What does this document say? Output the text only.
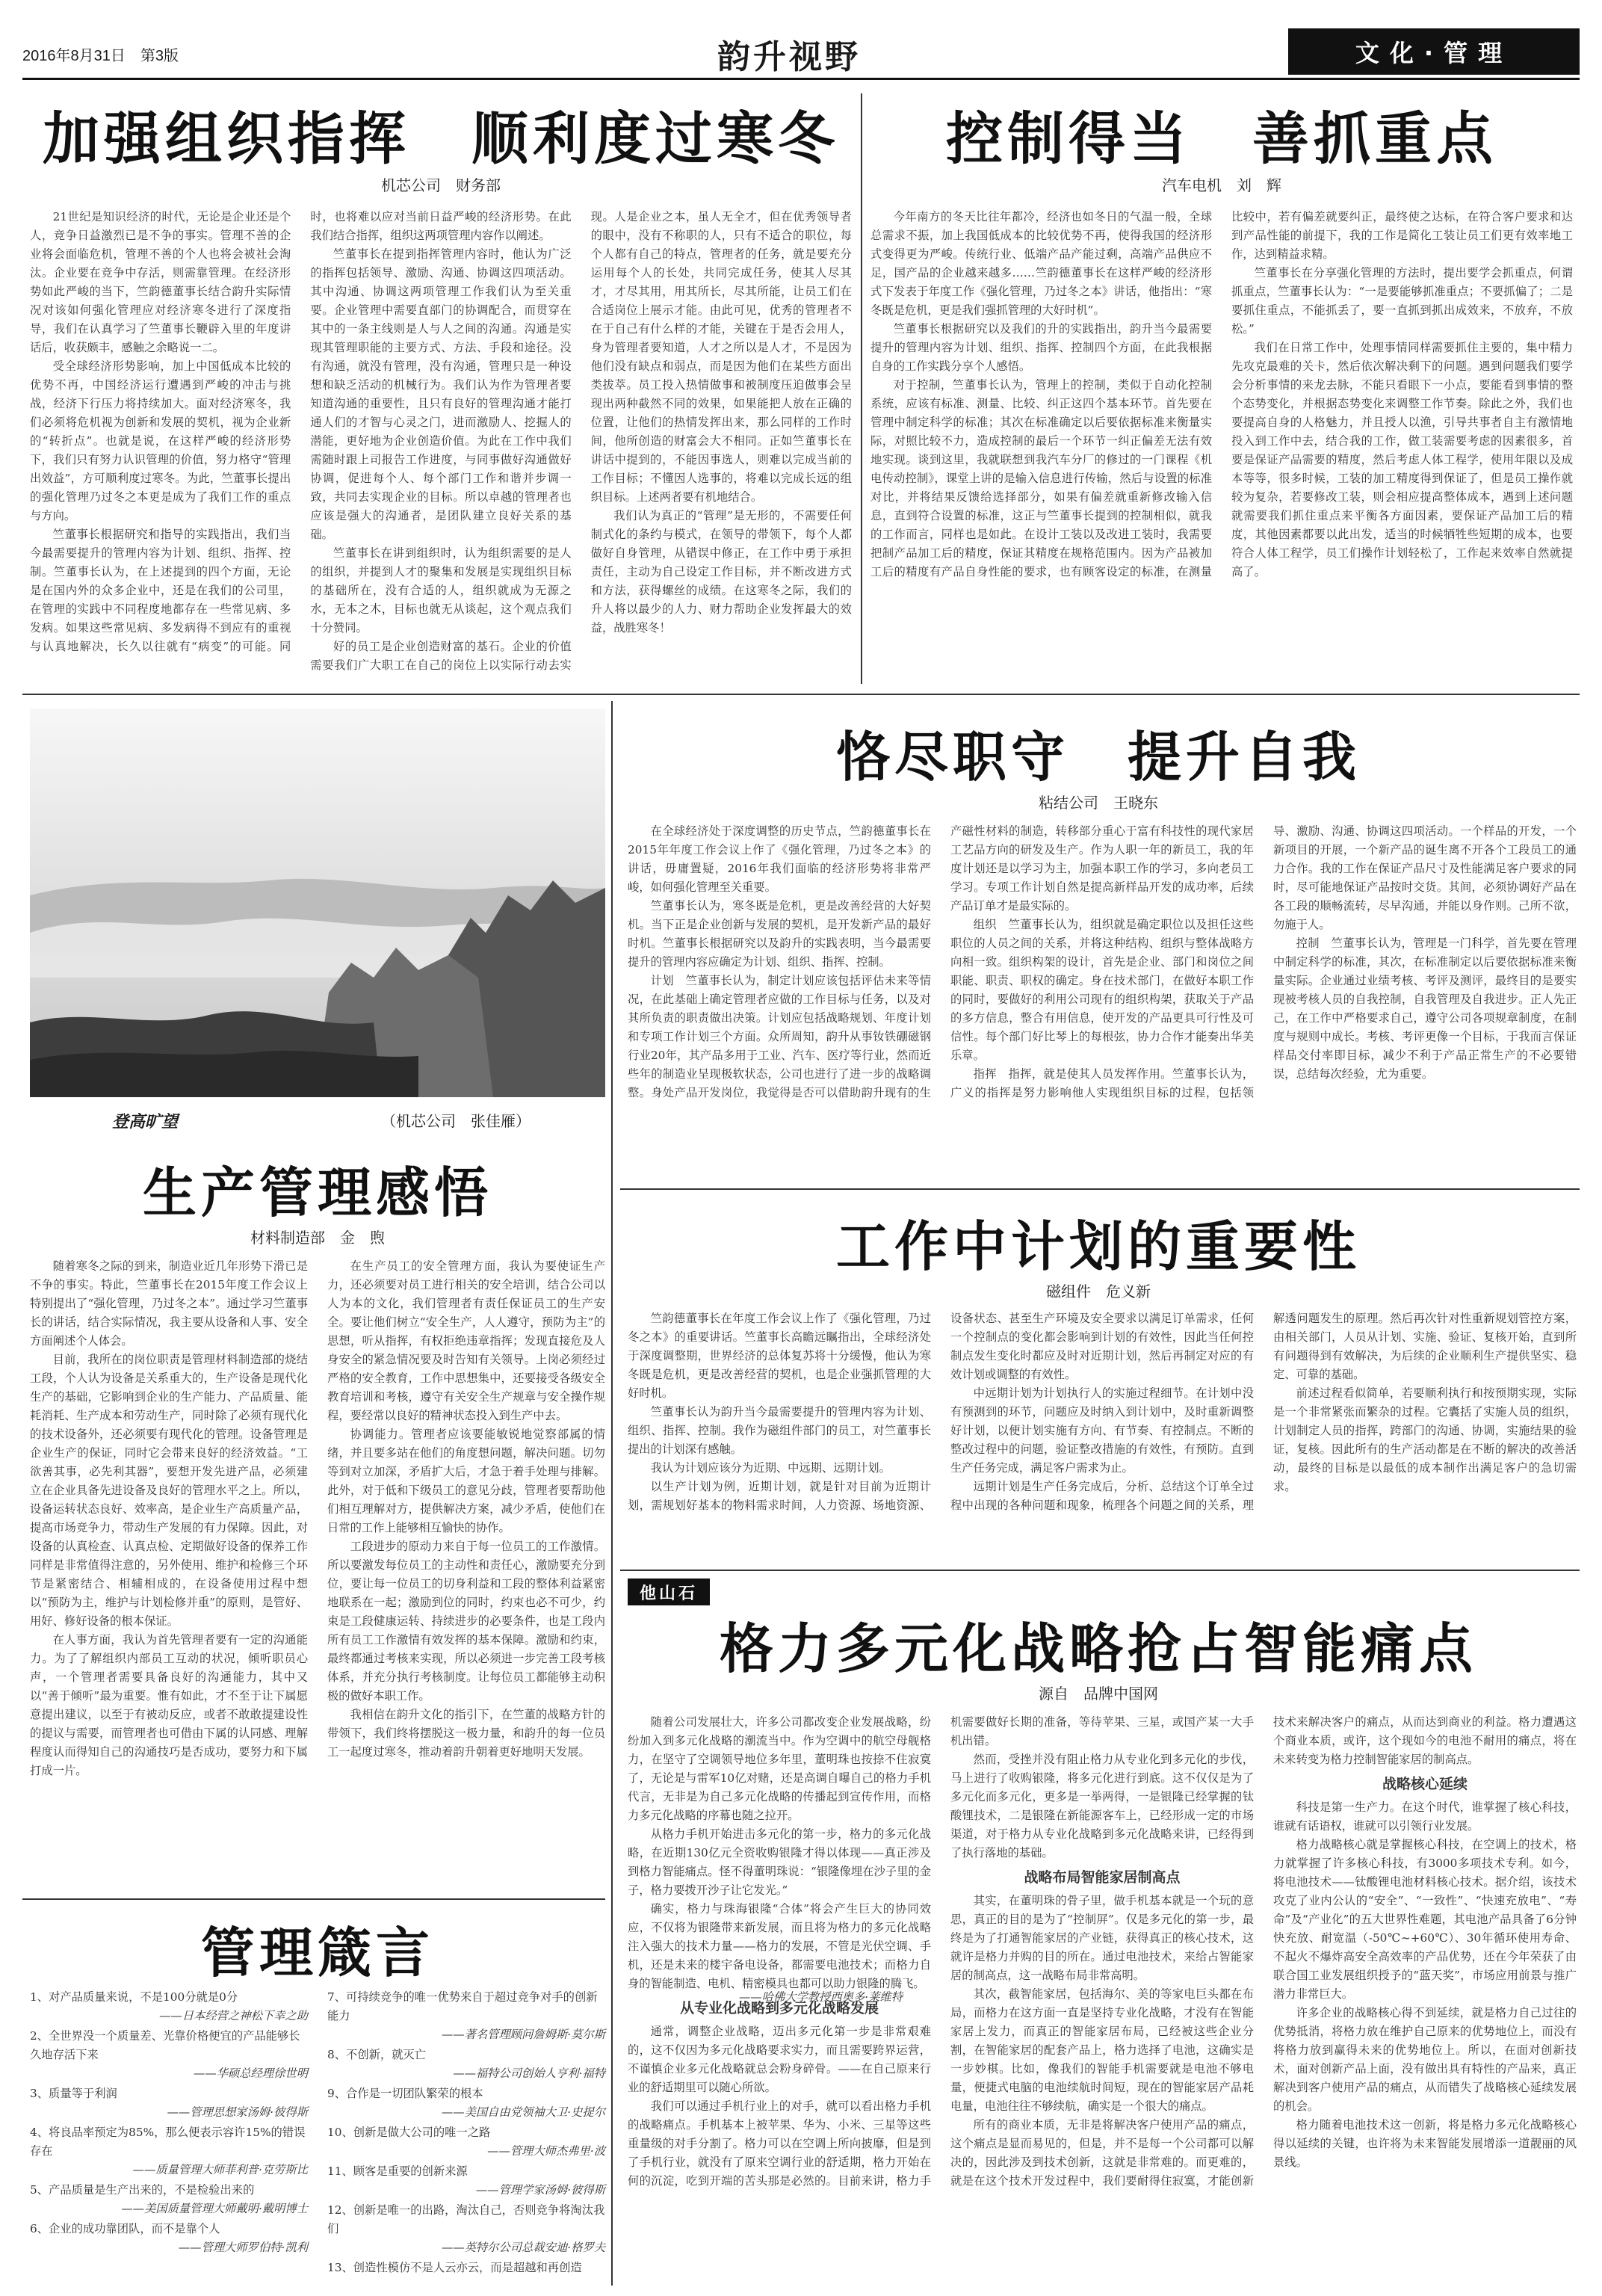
2016年8月31日　第3版	韵升视野	文化·管理
加强组织指挥　顺利度过寒冬
机芯公司　财务部

21世纪是知识经济的时代，无论是企业还是个人，竞争日益激烈已是不争的事实。管理不善的企业将会面临危机，管理不善的个人也将会被社会淘汰。企业要在竞争中存活，则需靠管理。在经济形势如此严峻的当下，竺韵德董事长结合韵升实际情况对该如何强化管理应对经济寒冬进行了深度指导，我们在认真学习了竺董事长鞭辟入里的年度讲话后，收获颇丰，感触之余略说一二。

受全球经济形势影响，加上中国低成本比较的优势不再，中国经济运行遭遇到严峻的冲击与挑战，经济下行压力将持续加大。面对经济寒冬，我们必须将危机视为创新和发展的契机，视为企业新的“转折点”。也就是说，在这样严峻的经济形势下，我们只有努力认识管理的价值，努力格守“管理出效益”，方可顺利度过寒冬。为此，竺董事长提出的强化管理乃过冬之本更是成为了我们工作的重点与方向。

竺董事长根据研究和指导的实践指出，我们当今最需要提升的管理内容为计划、组织、指挥、控制。竺董事长认为，在上述提到的四个方面，无论是在国内外的众多企业中，还是在我们的公司里，在管理的实践中不同程度地都存在一些常见病、多发病。如果这些常见病、多发病得不到应有的重视与认真地解决，长久以往就有“病变”的可能。同时，也将难以应对当前日益严峻的经济形势。在此我们结合指挥，组织这两项管理内容作以阐述。

竺董事长在提到指挥管理内容时，他认为广泛的指挥包括领导、激励、沟通、协调这四项活动。其中沟通、协调这两项管理工作我们认为至关重要。企业管理中需要直部门的协调配合，而贯穿在其中的一条主线则是人与人之间的沟通。沟通是实现其管理职能的主要方式、方法、手段和途径。没有沟通，就没有管理，没有沟通，管理只是一种设想和缺乏活动的机械行为。我们认为作为管理者要知道沟通的重要性，且只有良好的管理沟通才能打通人们的才智与心灵之门，进而激励人、挖掘人的潜能，更好地为企业创造价值。为此在工作中我们需随时跟上司报告工作进度，与同事做好沟通做好协调，促进每个人、每个部门工作和谐并步调一致，共同去实现企业的目标。所以卓越的管理者也应该是强大的沟通者，是团队建立良好关系的基础。

竺董事长在讲到组织时，认为组织需要的是人的组织，并提到人才的聚集和发展是实现组织目标的基础所在，没有合适的人，组织就成为无源之水，无本之木，目标也就无从谈起，这个观点我们十分赞同。

好的员工是企业创造财富的基石。企业的价值需要我们广大职工在自己的岗位上以实际行动去实现。人是企业之本，虽人无全才，但在优秀领导者的眼中，没有不称职的人，只有不适合的职位，每个人都有自己的特点，管理者的任务，就是要充分运用每个人的长处，共同完成任务，使其人尽其才，才尽其用，用其所长，尽其所能，让员工们在合适岗位上展示才能。由此可见，优秀的管理者不在于自己有什么样的才能，关键在于是否会用人，身为管理者要知道，人才之所以是人才，不是因为他们没有缺点和弱点，而是因为他们在某些方面出类拔萃。员工投入热情做事和被制度压迫做事会呈现出两种截然不同的效果，如果能把人放在正确的位置，让他们的热情发挥出来，那么同样的工作时间，他所创造的财富会大不相同。正如竺董事长在讲话中提到的，不能因事选人，则难以完成当前的工作目标；不懂因人选事的，将难以完成长远的组织目标。上述两者要有机地结合。

我们认为真正的“管理”是无形的，不需要任何制式化的条约与模式，在领导的带领下，每个人都做好自身管理，从错误中修正，在工作中勇于承担责任，主动为自己设定工作目标，并不断改进方式和方法，获得螺丝的成绩。在这寒冬之际，我们的升人将以最少的人力、财力帮助企业发挥最大的效益，战胜寒冬！

控制得当　善抓重点
汽车电机　刘　辉

今年南方的冬天比往年都冷，经济也如冬日的气温一般，全球总需求不振，加上我国低成本的比较优势不再，使得我国的经济形式变得更为严峻。传统行业、低端产品产能过剩，高端产品供应不足，国产品的企业越来越多……竺韵德董事长在这样严峻的经济形式下发表于年度工作《强化管理，乃过冬之本》讲话，他指出：“寒冬既是危机，更是我们强抓管理的大好时机”。

竺董事长根据研究以及我们的升的实践指出，韵升当今最需要提升的管理内容为计划、组织、指挥、控制四个方面，在此我根据自身的工作实践分享个人感悟。

对于控制，竺董事长认为，管理上的控制，类似于自动化控制系统，应该有标准、测量、比较、纠正这四个基本环节。首先要在管理中制定科学的标准；其次在标准确定以后要依据标准来衡量实际，对照比较不力，造成控制的最后一个环节一纠正偏差无法有效地实现。谈到这里，我就联想到我汽车分厂的修过的一门课程《机电传动控制》，课堂上讲的是输入信息进行传输，然后与设置的标准对比，并将结果反馈给选择部分，如果有偏差就重新修改输入信息，直到符合设置的标准，这正与竺董事长提到的控制相似，就我的工作而言，同样也是如此。在设计工装以及改进工装时，我需要把制产品加工后的精度，保证其精度在规格范围内。因为产品被加工后的精度有产品自身性能的要求，也有顾客设定的标准，在测量比较中，若有偏差就要纠正，最终使之达标，在符合客户要求和达到产品性能的前提下，我的工作是简化工装让员工们更有效率地工作，达到精益求精。

竺董事长在分享强化管理的方法时，提出要学会抓重点，何谓抓重点，竺董事长认为：“一是要能够抓准重点；不要抓偏了；二是要抓住重点，不能抓丢了，要一直抓到抓出成效来，不放弃，不放松。”

我们在日常工作中，处理事情同样需要抓住主要的，集中精力先攻克最难的关卡，然后依次解决剩下的问题。遇到问题我们要学会分析事情的来龙去脉，不能只看眼下一小点，要能看到事情的整个态势变化，并根据态势变化来调整工作节奏。除此之外，我们也要提高自身的人格魅力，并且授人以渔，引导共事者自主有激情地投入到工作中去，结合我的工作，做工装需要考虑的因素很多，首要是保证产品需要的精度，然后考虑人体工程学，使用年限以及成本等等，很多时候，工装的加工精度得到保证了，但是员工操作就较为复杂，若要修改工装，则会相应提高整体成本，遇到上述问题就需要我们抓住重点来平衡各方面因素，要保证产品加工后的精度，其他因素都要以此出发，适当的时候牺牲些短期的成本，也要符合人体工程学，员工们操作计划轻松了，工作起来效率自然就提高了。

登高旷望	（机芯公司　张佳雁）
恪尽职守　提升自我
粘结公司　王晓东

在全球经济处于深度调整的历史节点，竺韵德董事长在2015年年度工作会议上作了《强化管理，乃过冬之本》的讲话，毋庸置疑，2016年我们面临的经济形势将非常严峻，如何强化管理至关重要。

竺董事长认为，寒冬既是危机，更是改善经营的大好契机。当下正是企业创新与发展的契机，是开发新产品的最好时机。竺董事长根据研究以及韵升的实践表明，当今最需要提升的管理内容应确定为计划、组织、指挥、控制。

计划　竺董事长认为，制定计划应该包括评估未来等情况，在此基础上确定管理者应做的工作目标与任务，以及对其所负责的职责做出决策。计划应包括战略规划、年度计划和专项工作计划三个方面。众所周知，韵升从事钕铁硼磁钢行业20年，其产品多用于工业、汽车、医疗等行业，然而近些年的制造业呈现极软状态，公司也进行了进一步的战略调整。身处产品开发岗位，我觉得是否可以借助韵升现有的生产磁性材料的制造，转移部分重心于富有科技性的现代家居工艺品方向的研发及生产。作为人职一年的新员工，我的年度计划还是以学习为主，加强本职工作的学习，多向老员工学习。专项工作计划自然是提高新样品开发的成功率，后续产品订单才是最实际的。

组织　竺董事长认为，组织就是确定职位以及担任这些职位的人员之间的关系，并将这种结构、组织与整体战略方向相一致。组织构架的设计，首先是企业、部门和岗位之间职能、职责、职权的确定。身在技术部门，在做好本职工作的同时，要做好的利用公司现有的组织构架，获取关于产品的多方信息，整合有用信息，使开发的产品更具可行性及可信性。每个部门好比琴上的每根弦，协力合作才能奏出华美乐章。

指挥　指挥，就是使其人员发挥作用。竺董事长认为，广义的指挥是努力影响他人实现组织目标的过程，包括领导、激励、沟通、协调这四项活动。一个样品的开发，一个新项目的开展，一个新产品的诞生离不开各个工段员工的通力合作。我的工作在保证产品尺寸及性能满足客户要求的同时，尽可能地保证产品按时交货。其间，必须协调好产品在各工段的顺畅流转，尽早沟通，并能以身作则。己所不欲，勿施于人。

控制　竺董事长认为，管理是一门科学，首先要在管理中制定科学的标准，其次，在标准制定以后要依据标准来衡量实际。企业通过业绩考核、考评及测评，最终目的是要实现被考核人员的自我控制，自我管理及自我进步。正人先正己，在工作中严格要求自己，遵守公司各项规章制度，在制度与规则中成长。考核、考评更像一个目标，于我而言保证样品交付率即目标，减少不利于产品正常生产的不必要错误，总结每次经验，尤为重要。

生产管理感悟
材料制造部　金　煦

随着寒冬之际的到来，制造业近几年形势下滑已是不争的事实。特此，竺董事长在2015年度工作会议上特别提出了“强化管理，乃过冬之本”。通过学习竺董事长的讲话，结合实际情况，我主要从设备和人事、安全方面阐述个人体会。

目前，我所在的岗位职责是管理材料制造部的烧结工段，个人认为设备是关系重大的，生产设备是现代化生产的基础，它影响到企业的生产能力、产品质量、能耗消耗、生产成本和劳动生产，同时除了必须有现代化的技术设备外，还必须要有现代化的管理。设备管理是企业生产的保证，同时它会带来良好的经济效益。“工欲善其事，必先利其器”，要想开发先进产品，必须建立在企业具备先进设备及良好的管理水平之上。所以，设备运转状态良好、效率高，是企业生产高质量产品，提高市场竞争力，带动生产发展的有力保障。因此，对设备的认真检查、认真点检、定期做好设备的保养工作同样是非常值得注意的，另外使用、维护和检修三个环节是紧密结合、相辅相成的，在设备使用过程中想以“预防为主，维护与计划检修并重”的原则，是管好、用好、修好设备的根本保证。

在人事方面，我认为首先管理者要有一定的沟通能力。为了了解组织内部员工互动的状况，倾听职员心声，一个管理者需要具备良好的沟通能力，其中又以“善于倾听”最为重要。惟有如此，才不至于让下属愿意提出建议，以至于有被动反应，或者不敢敢提建设性的提议与需要，而管理者也可借由下属的认同感、理解程度认而得知自己的沟通技巧是否成功，要努力和下属打成一片。

在生产员工的安全管理方面，我认为要使证生产力，还必须要对员工进行相关的安全培训，结合公司以人为本的文化，我们管理者有责任保证员工的生产安全。要让他们树立“安全生产，人人遵守，预防为主”的思想，听从指挥，有权拒绝违章指挥；发现直接危及人身安全的紧急情况要及时告知有关领导。上岗必须经过严格的安全教育，工作中思想集中，还要接受各级安全教育培训和考核，遵守有关安全生产规章与安全操作规程，要经常以良好的精神状态投入到生产中去。

协调能力。管理者应该要能敏锐地觉察部属的情绪，并且要多站在他们的角度想问题，解决问题。切勿等到对立加深，矛盾扩大后，才急于着手处理与排解。此外，对于低和下级员工的意见分歧，管理者要帮助他们相互理解对方，提供解决方案，减少矛盾，使他们在日常的工作上能够相互愉快的协作。

工段进步的原动力来自于每一位员工的工作激情。所以要激发每位员工的主动性和责任心，激励要充分到位，要让每一位员工的切身利益和工段的整体利益紧密地联系在一起；激励到位的同时，约束也必不可少，约束是工段健康运转、持续进步的必要条件，也是工段内所有员工工作激情有效发挥的基本保障。激励和约束，最终都通过考核来实现，所以必须进一步完善工段考核体系，并充分执行考核制度。让每位员工都能够主动积极的做好本职工作。

我相信在韵升文化的指引下，在竺董的战略方针的带领下，我们终将摆脱这一极力量，和韵升的每一位员工一起度过寒冬，推动着韵升朝着更好地明天发展。

工作中计划的重要性
磁组件　危义新

竺韵德董事长在年度工作会议上作了《强化管理，乃过冬之本》的重要讲话。竺董事长高瞻远瞩指出，全球经济处于深度调整期，世界经济的总体复苏将十分缓慢，他认为寒冬既是危机，更是改善经营的契机，也是企业强抓管理的大好时机。

竺董事长认为韵升当今最需要提升的管理内容为计划、组织、指挥、控制。我作为磁组件部门的员工，对竺董事长提出的计划深有感触。

我认为计划应该分为近期、中远期、远期计划。

以生产计划为例，近期计划，就是针对目前为近期计划，需规划好基本的物料需求时间，人力资源、场地资源、设备状态、甚至生产环境及安全要求以满足订单需求，任何一个控制点的变化都会影响到计划的有效性，因此当任何控制点发生变化时都应及时对近期计划，然后再制定对应的有效计划或调整的有效性。

中远期计划为计划执行人的实施过程细节。在计划中没有预测到的环节，问题应及时纳入到计划中，及时重新调整好计划，以便计划实施有方向、有节奏、有控制点。不断的整改过程中的问题，验证整改措施的有效性，有预防。直到生产任务完成，满足客户需求为止。

远期计划是生产任务完成后，分析、总结这个订单全过程中出现的各种问题和现象，梳理各个问题之间的关系，理解透问题发生的原理。然后再次针对性重新规划管控方案，由相关部门，人员从计划、实施、验证、复核开始，直到所有问题得到有效解决，为后续的企业顺利生产提供坚实、稳定、可靠的基础。

前述过程看似简单，若要顺利执行和按预期实现，实际是一个非常紧张而繁杂的过程。它囊括了实施人员的组织，计划制定人员的指挥，跨部门的沟通、协调，实施结果的验证，复核。因此所有的生产活动都是在不断的解决的改善活动，最终的目标是以最低的成本制作出满足客户的急切需求。

他山石
格力多元化战略抢占智能痛点
源自　品牌中国网

随着公司发展壮大，许多公司都改变企业发展战略，纷纷加入到多元化战略的潮流当中。作为空调中的航空母舰格力，在坚守了空调领导地位多年里，董明珠也按捺不住寂寞了，无论是与雷军10亿对赌，还是高调自曝自己的格力手机代言，无非是为自己多元化战略的传播起到宣传作用，而格力多元化战略的序幕也随之拉开。

从格力手机开始进击多元化的第一步，格力的多元化战略，在近期130亿元全资收购银隆才得以体现——真正涉及到格力智能痛点。怪不得董明珠说：“银隆像埋在沙子里的金子，格力要拨开沙子让它发光。”

确实，格力与珠海银隆“合体”将会产生巨大的协同效应，不仅将为银隆带来新发展，而且将为格力的多元化战略注入强大的技术力量——格力的发展，不管是光伏空调、手机，还是未来的楼宇备电设备，都需要电池技术；而格力自身的智能制造、电机、精密模具也都可以助力银隆的腾飞。

从专业化战略到多元化战略发展

通常，调整企业战略，迈出多元化第一步是非常艰难的，这不仅因为多元化战略要求实力，而且需要跨界运营，不谨慎企业多元化战略就总会粉身碎骨。——在自己原来行业的舒适期里可以随心所欲。

我们可以通过手机行业上的对手，就可以看出格力手机的战略痛点。手机基本上被苹果、华为、小米、三星等这些重量级的对手分割了。格力可以在空调上所向披靡，但是到了手机行业，就没有了原来空调行业的舒适期，格力开始在何的沉淀，吃到开端的苦头那是必然的。目前来讲，格力手机需要做好长期的准备，等待苹果、三星，或国产某一大手机出错。

然而，受挫并没有阻止格力从专业化到多元化的步伐，马上进行了收购银隆，将多元化进行到底。这不仅仅是为了多元化而多元化，更多是一举两得，一是银隆已经掌握的钛酸锂技术，二是银隆在新能源客车上，已经形成一定的市场渠道，对于格力从专业化战略到多元化战略来讲，已经得到了执行落地的基础。

战略布局智能家居制高点

其实，在董明珠的骨子里，做手机基本就是一个玩的意思，真正的目的是为了“控制屏”。仅是多元化的第一步，最终是为了打通智能家居的产业链，获得真正的核心技术，这就许是格力并购的目的所在。通过电池技术，来给占智能家居的制高点，这一战略布局非常高明。

其次，截智能家居，包括海尔、美的等家电巨头都在布局，而格力在这方面一直是坚持专业化战略，才没有在智能家居上发力，而真正的智能家居布局，已经被这些企业分割，在智能家居的配套产品上，格力选择了电池，这确实是一步妙棋。比如，像我们的智能手机需要就是电池不够电量，便捷式电脑的电池续航时间短，现在的智能家居产品耗电量，电池往往不够续航，确实是一个很大的痛点。

所有的商业本质，无非是将解决客户使用产品的痛点，这个痛点是显而易见的，但是，并不是每一个公司都可以解决的，因此涉及到技术创新，这就是非常难的。而更难的，就是在这个技术开发过程中，我们要耐得住寂寞，才能创新技术来解决客户的痛点，从而达到商业的利益。格力遭遇这个商业本质，或许，这个现如今的电池不耐用的痛点，将在未来转变为格力控制智能家居的制高点。

战略核心延续

科技是第一生产力。在这个时代，谁掌握了核心科技，谁就有话语权，谁就可以引领行业发展。

格力战略核心就是掌握核心科技，在空调上的技术，格力就掌握了许多核心科技，有3000多项技术专利。如今，将电池技术——钛酸锂电池材料核心技术。据介绍，该技术攻克了业内公认的“安全”、“一致性”、“快速充放电”、“寿命”及“产业化”的五大世界性难题，其电池产品具备了6分钟快充放、耐宽温（-50℃~+60℃）、30年循环使用寿命、不起火不爆炸高安全高效率的产品优势，还在今年荣获了由联合国工业发展组织授予的“蓝天奖”，市场应用前景与推广潜力非常巨大。

许多企业的战略核心得不到延续，就是格力自己过往的优势抵消，将格力放在维护自己原来的优势地位上，而没有将格力放到赢得未来的优势地位上。所以，在面对创新技术，面对创新产品上面，没有做出具有特性的产品来，真正解决到客户使用产品的痛点，从而错失了战略核心延续发展的机会。

格力随着电池技术这一创新，将是格力多元化战略核心得以延续的关键，也许将为未来智能发展增添一道靓丽的风景线。

管理箴言

1、对产品质量来说，不是100分就是0分

——日本经营之神松下幸之助

2、全世界没一个质量差、光靠价格便宜的产品能够长久地存活下来

——华硕总经理徐世明

3、质量等于利润

——管理思想家汤姆·彼得斯

4、将良品率预定为85%，那么便表示容许15%的错误存在

——质量管理大师菲利普·克劳斯比

5、产品质量是生产出来的，不是检验出来的

——美国质量管理大师戴明·戴明博士

6、企业的成功靠团队，而不是靠个人

——管理大师罗伯特·凯利

7、可持续竞争的唯一优势来自于超过竞争对手的创新能力

——著名管理顾问詹姆斯·莫尔斯

8、不创新，就灭亡

——福特公司创始人亨利·福特

9、合作是一切团队繁荣的根本

——美国自由党领袖大卫·史提尔

10、创新是做大公司的唯一之路

——管理大师杰弗里·波

11、顾客是重要的创新来源

——管理学家汤姆·彼得斯

12、创新是唯一的出路，淘汰自己，否则竞争将淘汰我们

——英特尔公司总裁安迪·格罗夫

13、创造性模仿不是人云亦云，而是超越和再创造

——哈佛大学教授西奥多·莱维特
